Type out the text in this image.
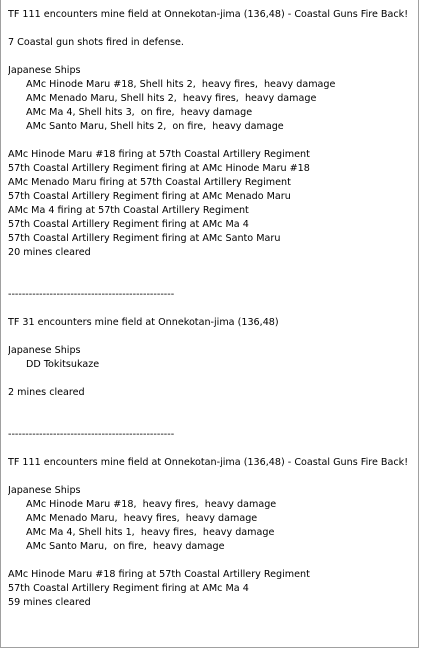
TF 111 encounters mine field at Onnekotan-jima (136,48) - Coastal Guns Fire Back!
7 Coastal gun shots fired in defense.
Japanese Ships
AMc Hinode Maru #18, Shell hits 2,  heavy fires,  heavy damage
AMc Menado Maru, Shell hits 2,  heavy fires,  heavy damage
AMc Ma 4, Shell hits 3,  on fire,  heavy damage
AMc Santo Maru, Shell hits 2,  on fire,  heavy damage
AMc Hinode Maru #18 firing at 57th Coastal Artillery Regiment
57th Coastal Artillery Regiment firing at AMc Hinode Maru #18
AMc Menado Maru firing at 57th Coastal Artillery Regiment
57th Coastal Artillery Regiment firing at AMc Menado Maru
AMc Ma 4 firing at 57th Coastal Artillery Regiment
57th Coastal Artillery Regiment firing at AMc Ma 4
57th Coastal Artillery Regiment firing at AMc Santo Maru
20 mines cleared
------------------------------------------------
TF 31 encounters mine field at Onnekotan-jima (136,48)
Japanese Ships
DD Tokitsukaze
2 mines cleared
------------------------------------------------
TF 111 encounters mine field at Onnekotan-jima (136,48) - Coastal Guns Fire Back!
Japanese Ships
AMc Hinode Maru #18,  heavy fires,  heavy damage
AMc Menado Maru,  heavy fires,  heavy damage
AMc Ma 4, Shell hits 1,  heavy fires,  heavy damage
AMc Santo Maru,  on fire,  heavy damage
AMc Hinode Maru #18 firing at 57th Coastal Artillery Regiment
57th Coastal Artillery Regiment firing at AMc Ma 4
59 mines cleared
